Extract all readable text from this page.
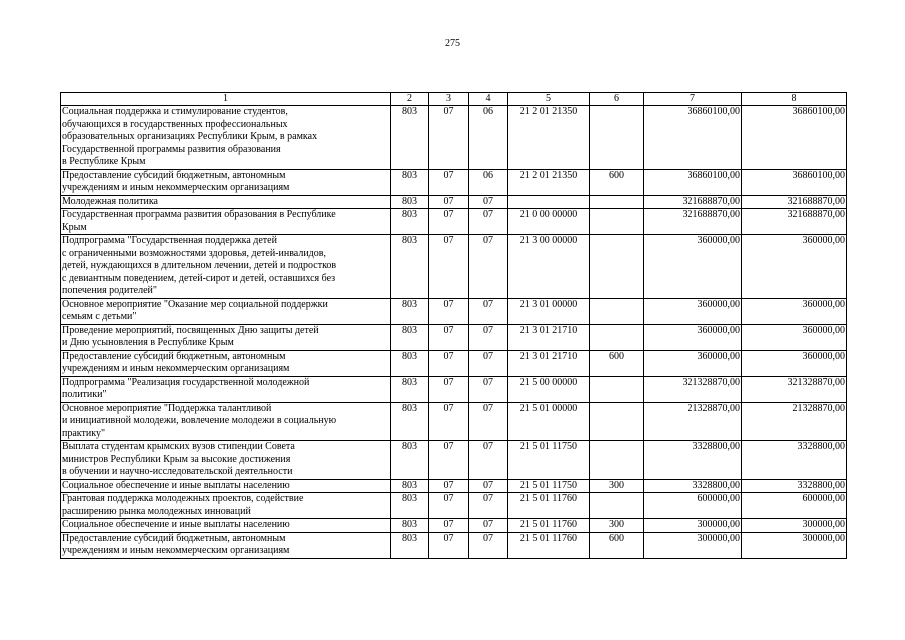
275
1	2	3	4	5	6	7	8
Социальная поддержка и стимулирование студентов,
обучающихся в государственных профессиональных
образовательных организациях Республики Крым, в рамках
Государственной программы развития образования
в Республике Крым	803	07	06	21 2 01 21350		36860100,00	36860100,00
Предоставление субсидий бюджетным, автономным
учреждениям и иным некоммерческим организациям	803	07	06	21 2 01 21350	600	36860100,00	36860100,00
Молодежная политика	803	07	07			321688870,00	321688870,00
Государственная программа развития образования в Республике
Крым	803	07	07	21 0 00 00000		321688870,00	321688870,00
Подпрограмма "Государственная поддержка детей
с ограниченными возможностями здоровья, детей-инвалидов,
детей, нуждающихся в длительном лечении, детей и подростков
с девиантным поведением, детей-сирот и детей, оставшихся без
попечения родителей"	803	07	07	21 3 00 00000		360000,00	360000,00
Основное мероприятие "Оказание мер социальной поддержки
семьям с детьми"	803	07	07	21 3 01 00000		360000,00	360000,00
Проведение мероприятий, посвященных Дню защиты детей
и Дню усыновления в Республике Крым	803	07	07	21 3 01 21710		360000,00	360000,00
Предоставление субсидий бюджетным, автономным
учреждениям и иным некоммерческим организациям	803	07	07	21 3 01 21710	600	360000,00	360000,00
Подпрограмма "Реализация государственной молодежной
политики"	803	07	07	21 5 00 00000		321328870,00	321328870,00
Основное мероприятие "Поддержка талантливой
и инициативной молодежи, вовлечение молодежи в социальную
практику"	803	07	07	21 5 01 00000		21328870,00	21328870,00
Выплата студентам крымских вузов стипендии Совета
министров Республики Крым за высокие достижения
в обучении и научно-исследовательской деятельности	803	07	07	21 5 01 11750		3328800,00	3328800,00
Социальное обеспечение и иные выплаты населению	803	07	07	21 5 01 11750	300	3328800,00	3328800,00
Грантовая поддержка молодежных проектов, содействие
расширению рынка молодежных инноваций	803	07	07	21 5 01 11760		600000,00	600000,00
Социальное обеспечение и иные выплаты населению	803	07	07	21 5 01 11760	300	300000,00	300000,00
Предоставление субсидий бюджетным, автономным
учреждениям и иным некоммерческим организациям	803	07	07	21 5 01 11760	600	300000,00	300000,00
